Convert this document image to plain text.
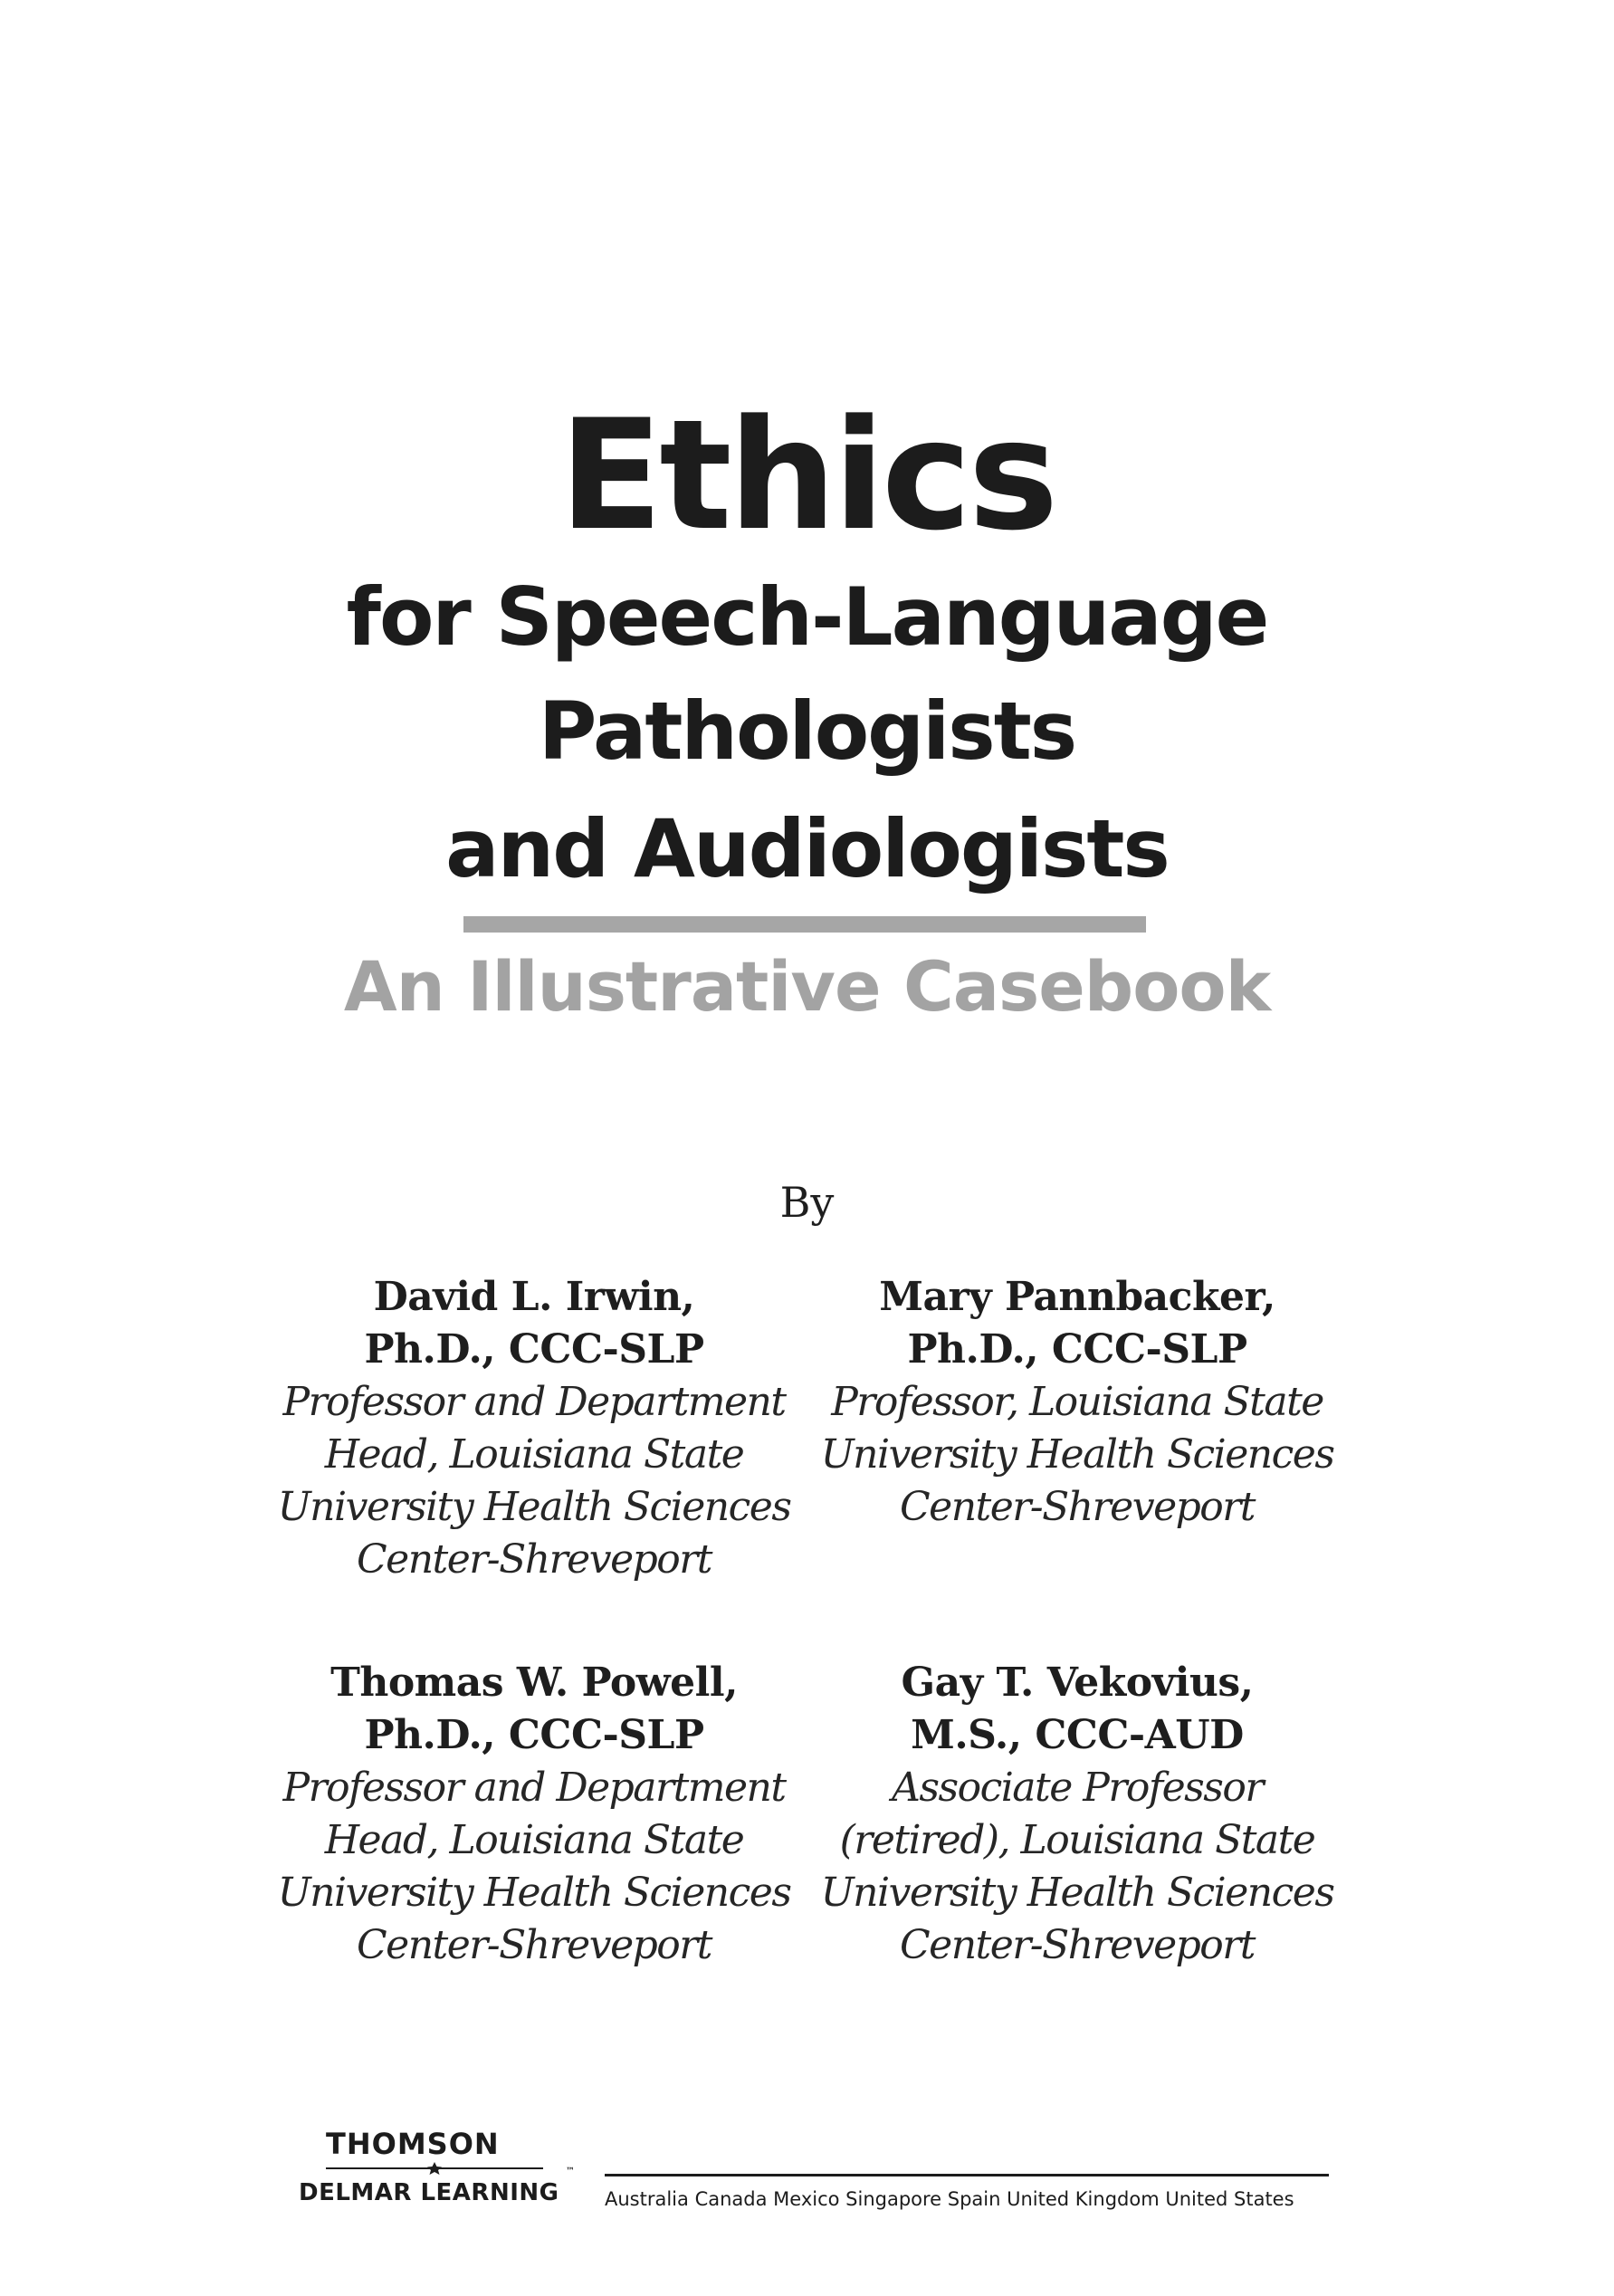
Ethics
for Speech-Language
Pathologists
and Audiologists
An Illustrative Casebook
By
David L. Irwin,
Ph.D., CCC-SLP
Professor and Department
Head, Louisiana State
University Health Sciences
Center-Shreveport
Mary Pannbacker,
Ph.D., CCC-SLP
Professor, Louisiana State
University Health Sciences
Center-Shreveport
Thomas W. Powell,
Ph.D., CCC-SLP
Professor and Department
Head, Louisiana State
University Health Sciences
Center-Shreveport
Gay T. Vekovius,
M.S., CCC-AUD
Associate Professor
(retired), Louisiana State
University Health Sciences
Center-Shreveport
THOMSON
DELMAR LEARNING
™
Australia Canada Mexico Singapore Spain United Kingdom United States
